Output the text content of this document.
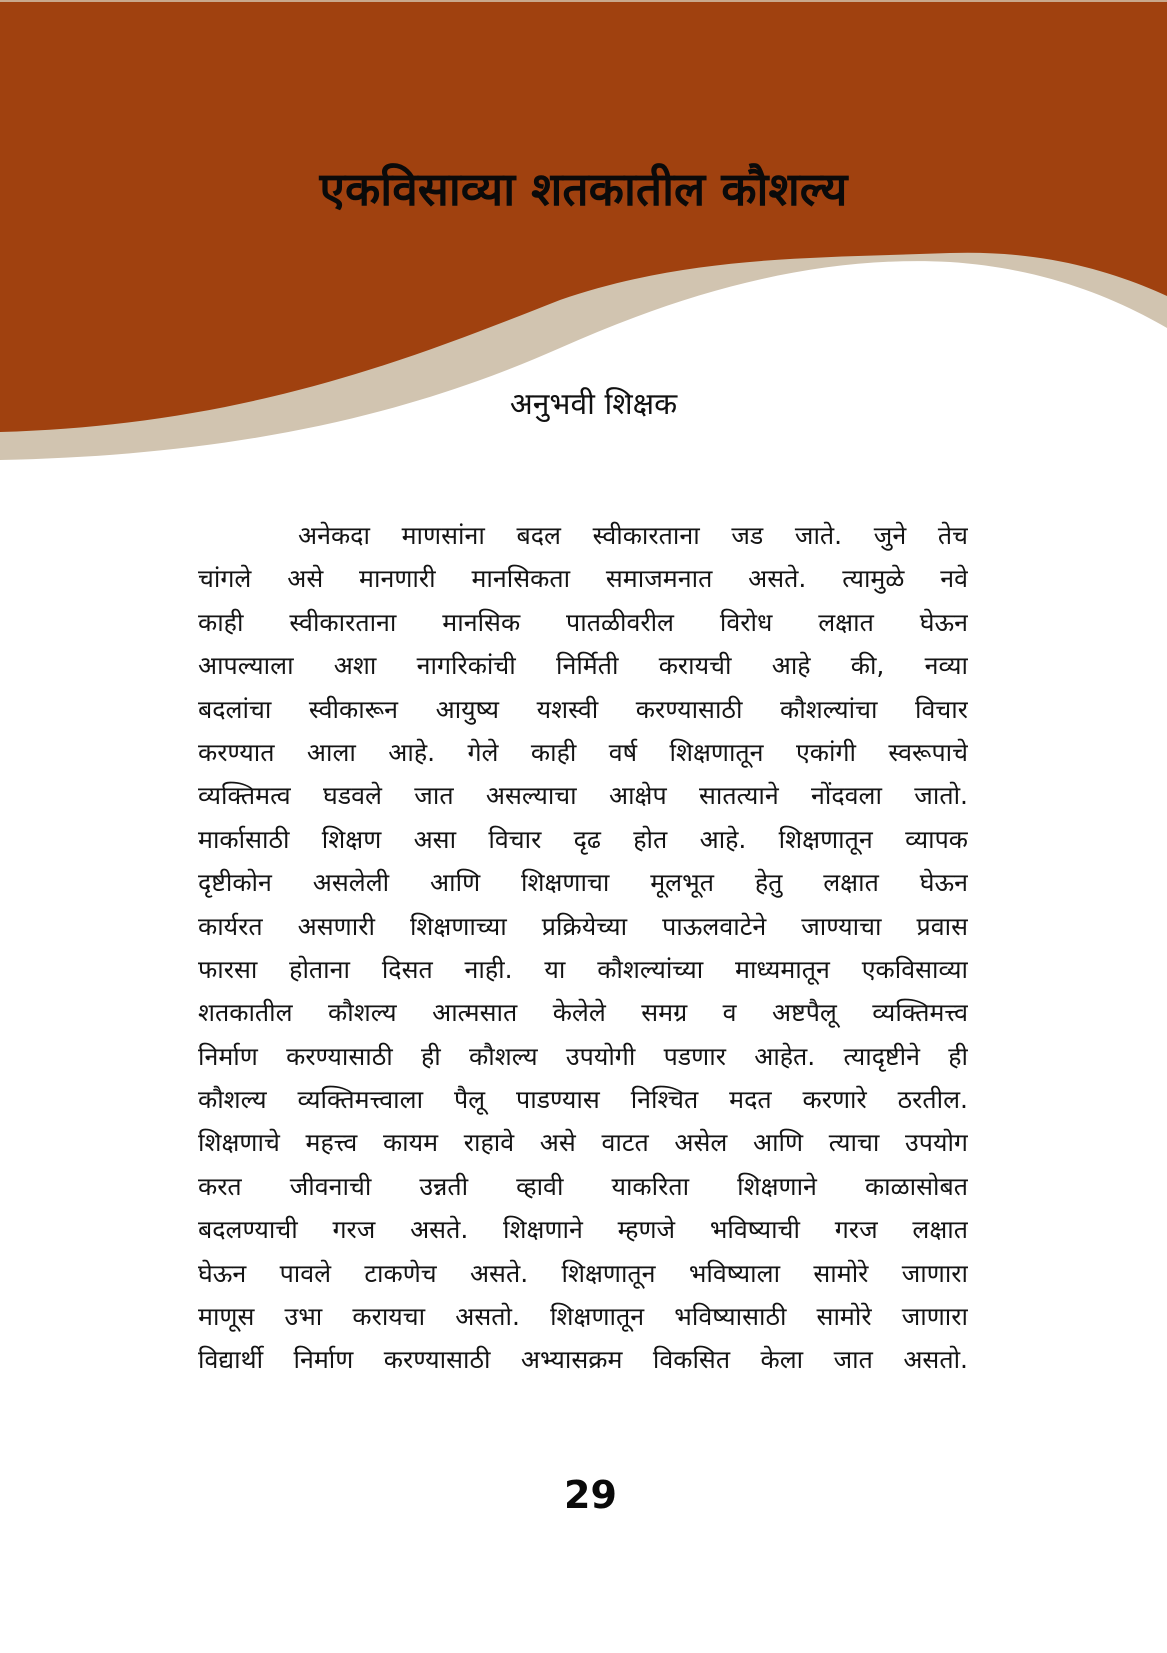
एकविसाव्या शतकातील कौशल्य
अनुभवी शिक्षक

अनेकदा माणसांना बदल स्वीकारताना जड जाते. जुने तेच

चांगले असे मानणारी मानसिकता समाजमनात असते. त्यामुळे नवे

काही स्वीकारताना मानसिक पातळीवरील विरोध लक्षात घेऊन

आपल्याला अशा नागरिकांची निर्मिती करायची आहे की, नव्या

बदलांचा स्वीकारून आयुष्य यशस्वी करण्यासाठी कौशल्यांचा विचार

करण्यात आला आहे. गेले काही वर्ष शिक्षणातून एकांगी स्वरूपाचे

व्यक्तिमत्व घडवले जात असल्याचा आक्षेप सातत्याने नोंदवला जातो.

मार्कासाठी शिक्षण असा विचार दृढ होत आहे. शिक्षणातून व्यापक

दृष्टीकोन असलेली आणि शिक्षणाचा मूलभूत हेतु लक्षात घेऊन

कार्यरत असणारी शिक्षणाच्या प्रक्रियेच्या पाऊलवाटेने जाण्याचा प्रवास

फारसा होताना दिसत नाही. या कौशल्यांच्या माध्यमातून एकविसाव्या

शतकातील कौशल्य आत्मसात केलेले समग्र व अष्टपैलू व्यक्तिमत्त्व

निर्माण करण्यासाठी ही कौशल्य उपयोगी पडणार आहेत. त्यादृष्टीने ही

कौशल्य व्यक्तिमत्त्वाला पैलू पाडण्यास निश्चित मदत करणारे ठरतील.

शिक्षणाचे महत्त्व कायम राहावे असे वाटत असेल आणि त्याचा उपयोग

करत जीवनाची उन्नती व्हावी याकरिता शिक्षणाने काळासोबत

बदलण्याची गरज असते. शिक्षणाने म्हणजे भविष्याची गरज लक्षात

घेऊन पावले टाकणेच असते. शिक्षणातून भविष्याला सामोरे जाणारा

माणूस उभा करायचा असतो. शिक्षणातून भविष्यासाठी सामोरे जाणारा

विद्यार्थी निर्माण करण्यासाठी अभ्यासक्रम विकसित केला जात असतो.

29
